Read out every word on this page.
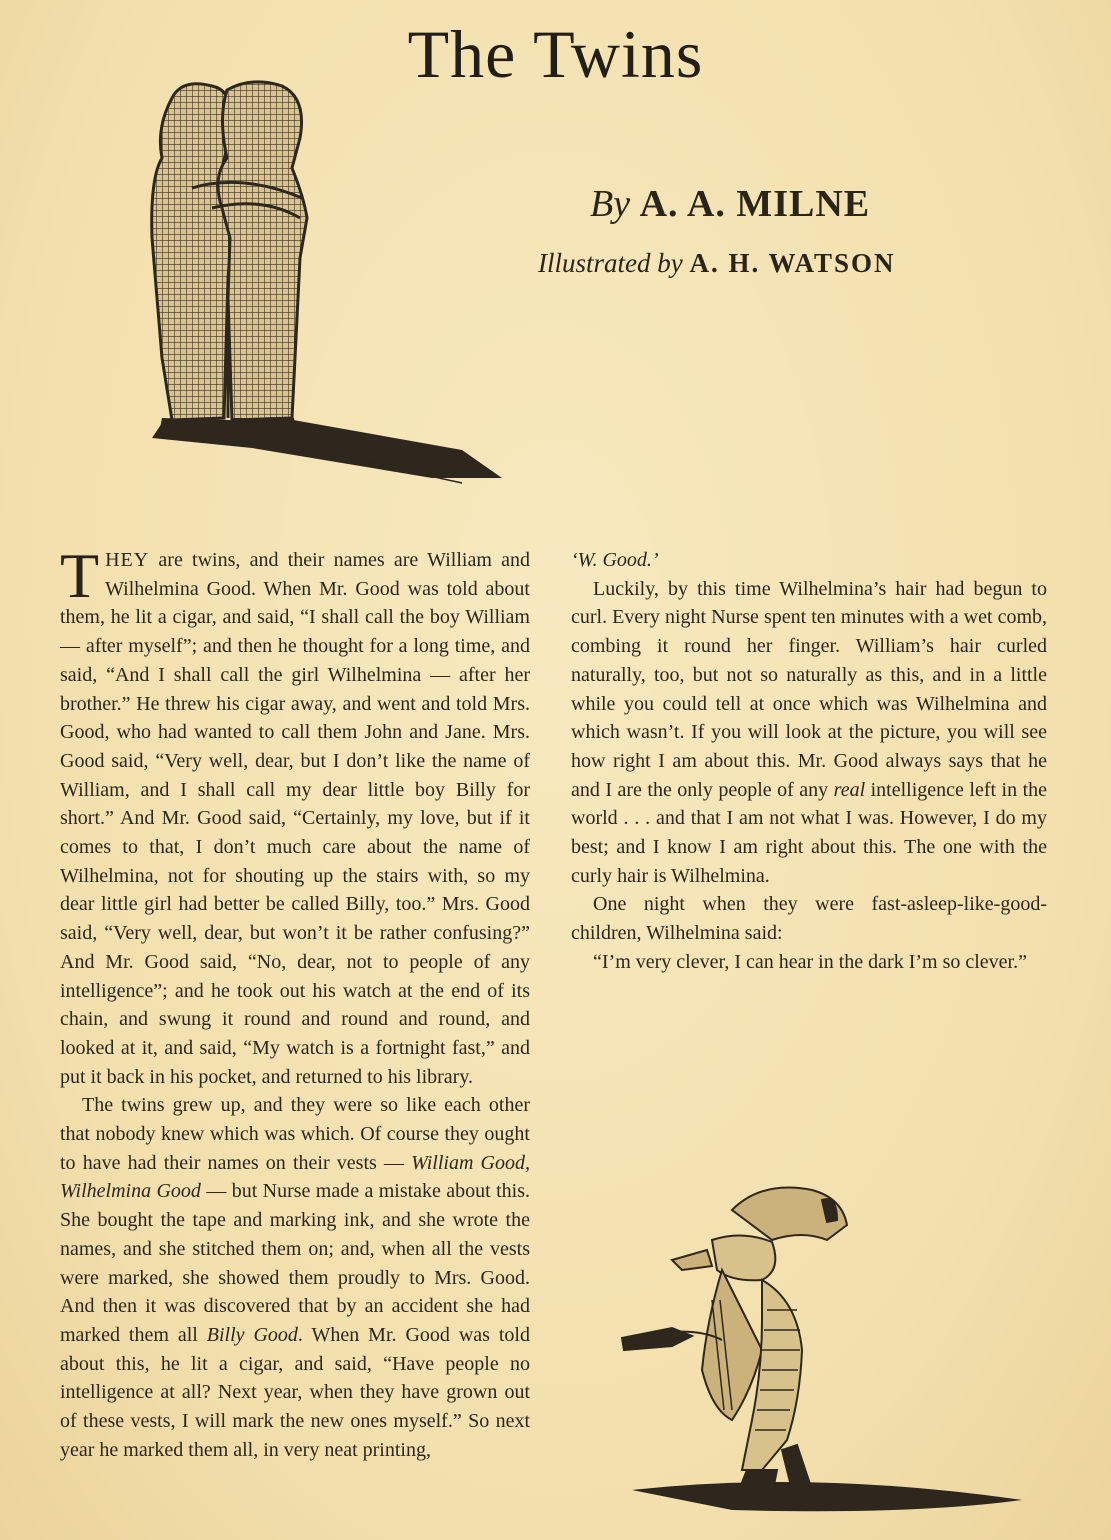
The Twins
By A. A. MILNE
Illustrated by A. H. WATSON

THEY are twins, and their names are William and Wilhelmina Good. When Mr. Good was told about them, he lit a cigar, and said, “I shall call the boy William — after myself”; and then he thought for a long time, and said, “And I shall call the girl Wilhelmina — after her brother.” He threw his cigar away, and went and told Mrs. Good, who had wanted to call them John and Jane. Mrs. Good said, “Very well, dear, but I don’t like the name of William, and I shall call my dear little boy Billy for short.” And Mr. Good said, “Certainly, my love, but if it comes to that, I don’t much care about the name of Wilhelmina, not for shouting up the stairs with, so my dear little girl had better be called Billy, too.” Mrs. Good said, “Very well, dear, but won’t it be rather confusing?” And Mr. Good said, “No, dear, not to people of any intelligence”; and he took out his watch at the end of its chain, and swung it round and round and round, and looked at it, and said, “My watch is a fortnight fast,” and put it back in his pocket, and returned to his library.

The twins grew up, and they were so like each other that nobody knew which was which. Of course they ought to have had their names on their vests — William Good, Wilhelmina Good — but Nurse made a mistake about this. She bought the tape and marking ink, and she wrote the names, and she stitched them on; and, when all the vests were marked, she showed them proudly to Mrs. Good. And then it was discovered that by an accident she had marked them all Billy Good. When Mr. Good was told about this, he lit a cigar, and said, “Have people no intelligence at all? Next year, when they have grown out of these vests, I will mark the new ones myself.” So next year he marked them all, in very neat printing,

‘W. Good.’

Luckily, by this time Wilhelmina’s hair had begun to curl. Every night Nurse spent ten minutes with a wet comb, combing it round her finger. William’s hair curled naturally, too, but not so naturally as this, and in a little while you could tell at once which was Wilhelmina and which wasn’t. If you will look at the picture, you will see how right I am about this. Mr. Good always says that he and I are the only people of any real intelligence left in the world . . . and that I am not what I was. However, I do my best; and I know I am right about this. The one with the curly hair is Wilhelmina.

One night when they were fast-asleep-like-good-children, Wilhelmina said:

“I’m very clever, I can hear in the dark I’m so clever.”
